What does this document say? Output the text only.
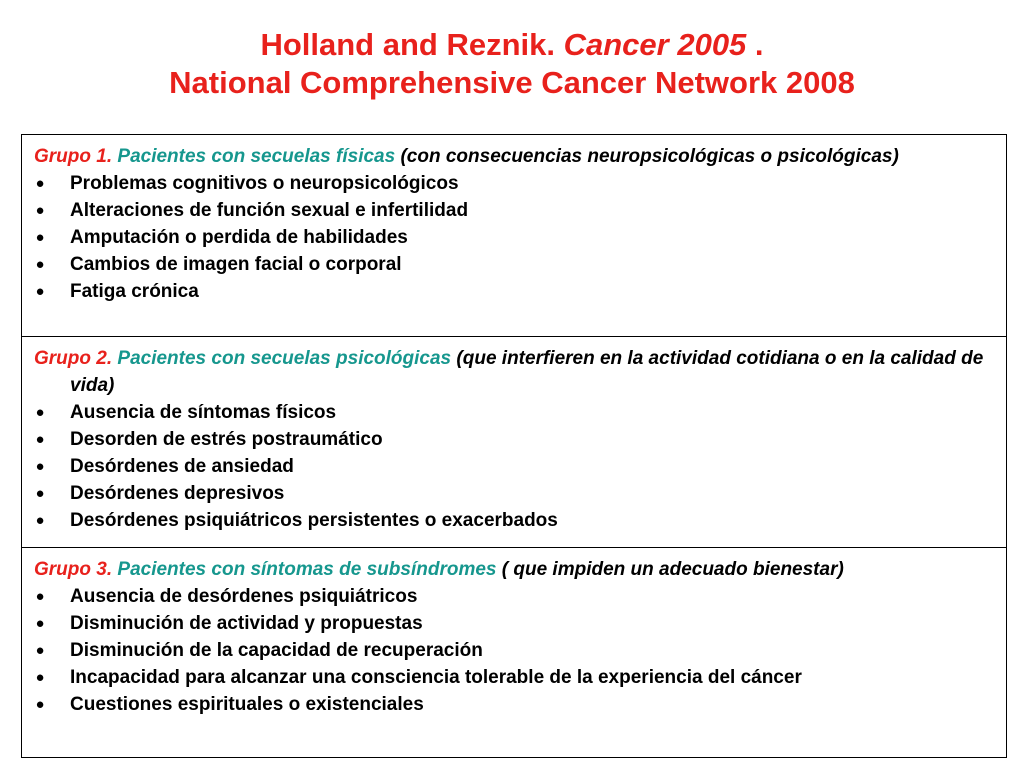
Holland and Reznik. Cancer 2005 .
National Comprehensive Cancer Network 2008

Grupo 1. Pacientes con secuelas físicas (con consecuencias neuropsicológicas o psicológicas)

● Problemas cognitivos o neuropsicológicos
● Alteraciones de función sexual e infertilidad
● Amputación o perdida de habilidades
● Cambios de imagen facial o corporal
● Fatiga crónica

Grupo 2. Pacientes con secuelas psicológicas (que interfieren en la actividad cotidiana o en la calidad de vida)

● Ausencia de síntomas físicos
● Desorden de estrés postraumático
● Desórdenes de ansiedad
● Desórdenes depresivos
● Desórdenes psiquiátricos persistentes o exacerbados

Grupo 3. Pacientes con síntomas de subsíndromes ( que impiden un adecuado bienestar)

● Ausencia de desórdenes psiquiátricos
● Disminución de actividad y propuestas
● Disminución de la capacidad de recuperación
● Incapacidad para alcanzar una consciencia tolerable de la experiencia del cáncer
● Cuestiones espirituales o existenciales
